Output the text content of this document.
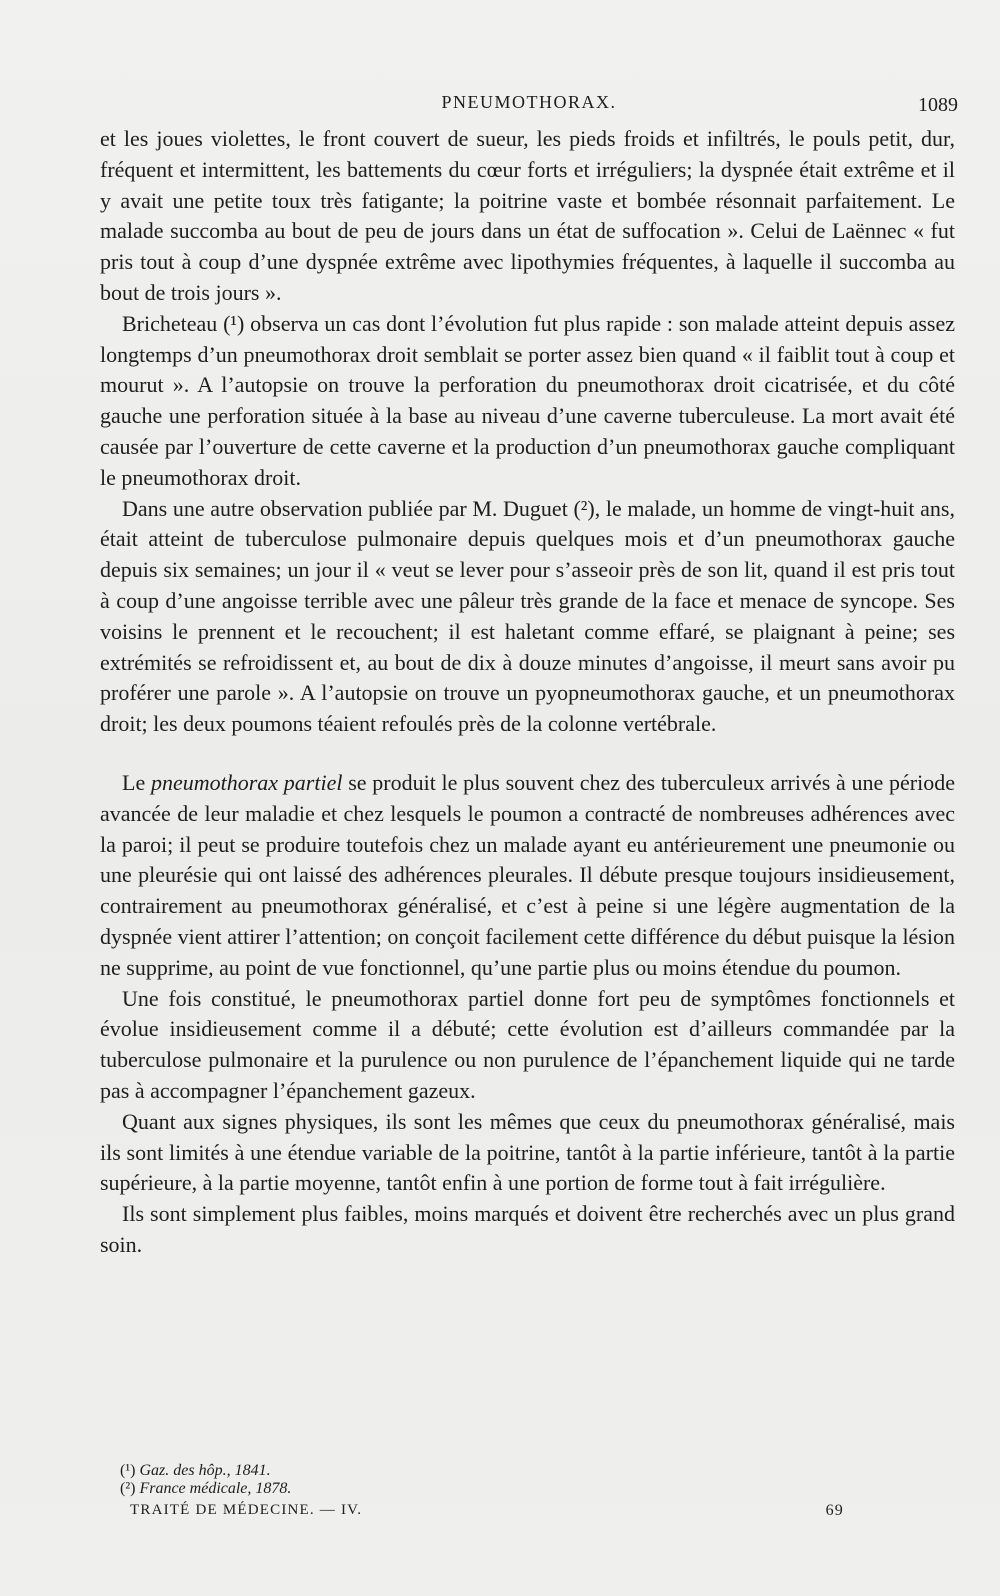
PNEUMOTHORAX.	1089

et les joues violettes, le front couvert de sueur, les pieds froids et infiltrés, le pouls petit, dur, fréquent et intermittent, les battements du cœur forts et irréguliers; la dyspnée était extrême et il y avait une petite toux très fatigante; la poitrine vaste et bombée résonnait parfaitement. Le malade succomba au bout de peu de jours dans un état de suffocation ». Celui de Laënnec « fut pris tout à coup d’une dyspnée extrême avec lipothymies fréquentes, à laquelle il succomba au bout de trois jours ».

Bricheteau (¹) observa un cas dont l’évolution fut plus rapide : son malade atteint depuis assez longtemps d’un pneumothorax droit semblait se porter assez bien quand « il faiblit tout à coup et mourut ». A l’autopsie on trouve la perforation du pneumothorax droit cicatrisée, et du côté gauche une perforation située à la base au niveau d’une caverne tuberculeuse. La mort avait été causée par l’ouverture de cette caverne et la production d’un pneumothorax gauche compliquant le pneumothorax droit.

Dans une autre observation publiée par M. Duguet (²), le malade, un homme de vingt-huit ans, était atteint de tuberculose pulmonaire depuis quelques mois et d’un pneumothorax gauche depuis six semaines; un jour il « veut se lever pour s’asseoir près de son lit, quand il est pris tout à coup d’une angoisse terrible avec une pâleur très grande de la face et menace de syncope. Ses voisins le prennent et le recouchent; il est haletant comme effaré, se plaignant à peine; ses extrémités se refroidissent et, au bout de dix à douze minutes d’angoisse, il meurt sans avoir pu proférer une parole ». A l’autopsie on trouve un pyopneumothorax gauche, et un pneumothorax droit; les deux poumons téaient refoulés près de la colonne vertébrale.

Le pneumothorax partiel se produit le plus souvent chez des tuberculeux arrivés à une période avancée de leur maladie et chez lesquels le poumon a contracté de nombreuses adhérences avec la paroi; il peut se produire toutefois chez un malade ayant eu antérieurement une pneumonie ou une pleurésie qui ont laissé des adhérences pleurales. Il débute presque toujours insidieusement, contrairement au pneumothorax généralisé, et c’est à peine si une légère augmentation de la dyspnée vient attirer l’attention; on conçoit facilement cette différence du début puisque la lésion ne supprime, au point de vue fonctionnel, qu’une partie plus ou moins étendue du poumon.

Une fois constitué, le pneumothorax partiel donne fort peu de symptômes fonctionnels et évolue insidieusement comme il a débuté; cette évolution est d’ailleurs commandée par la tuberculose pulmonaire et la purulence ou non purulence de l’épanchement liquide qui ne tarde pas à accompagner l’épanchement gazeux.

Quant aux signes physiques, ils sont les mêmes que ceux du pneumothorax généralisé, mais ils sont limités à une étendue variable de la poitrine, tantôt à la partie inférieure, tantôt à la partie supérieure, à la partie moyenne, tantôt enfin à une portion de forme tout à fait irrégulière.

Ils sont simplement plus faibles, moins marqués et doivent être recherchés avec un plus grand soin.

(¹) Gaz. des hôp., 1841.

(²) France médicale, 1878.

TRAITÉ DE MÉDECINE. — IV.	69
